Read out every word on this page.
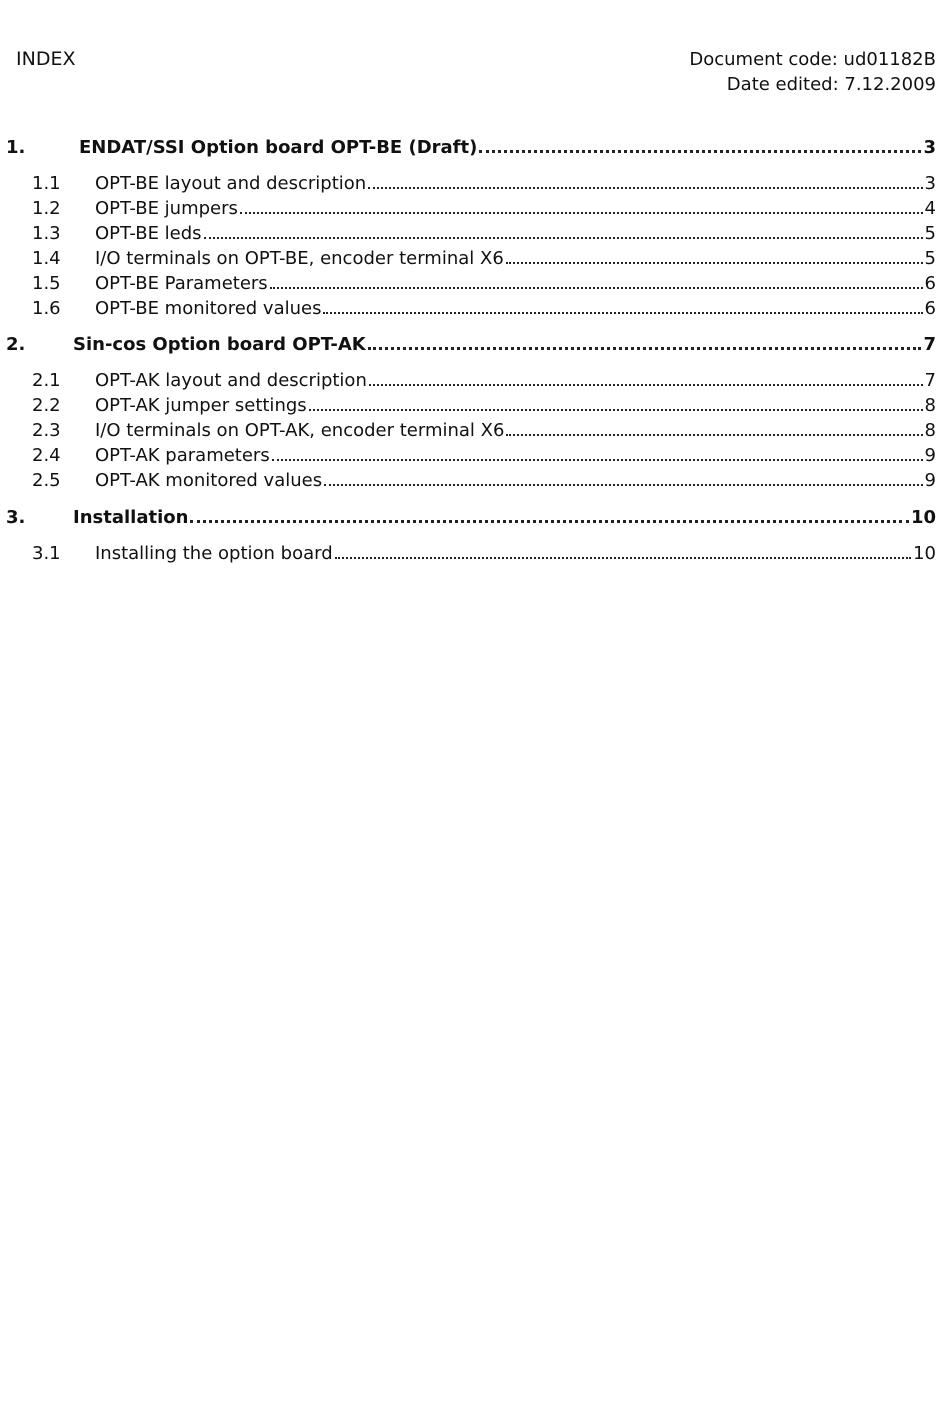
INDEX	Document code: ud01182B
Date edited: 7.12.2009
1.	ENDAT/SSI Option board OPT-BE (Draft)	3
1.1	OPT-BE layout and description	3
1.2	OPT-BE jumpers	4
1.3	OPT-BE leds	5
1.4	I/O terminals on OPT-BE, encoder terminal X6	5
1.5	OPT-BE Parameters	6
1.6	OPT-BE monitored values	6
2.	Sin-cos Option board OPT-AK	7
2.1	OPT-AK layout and description	7
2.2	OPT-AK jumper settings	8
2.3	I/O terminals on OPT-AK, encoder terminal X6	8
2.4	OPT-AK parameters	9
2.5	OPT-AK monitored values	9
3.	Installation	10
3.1	Installing the option board	10
